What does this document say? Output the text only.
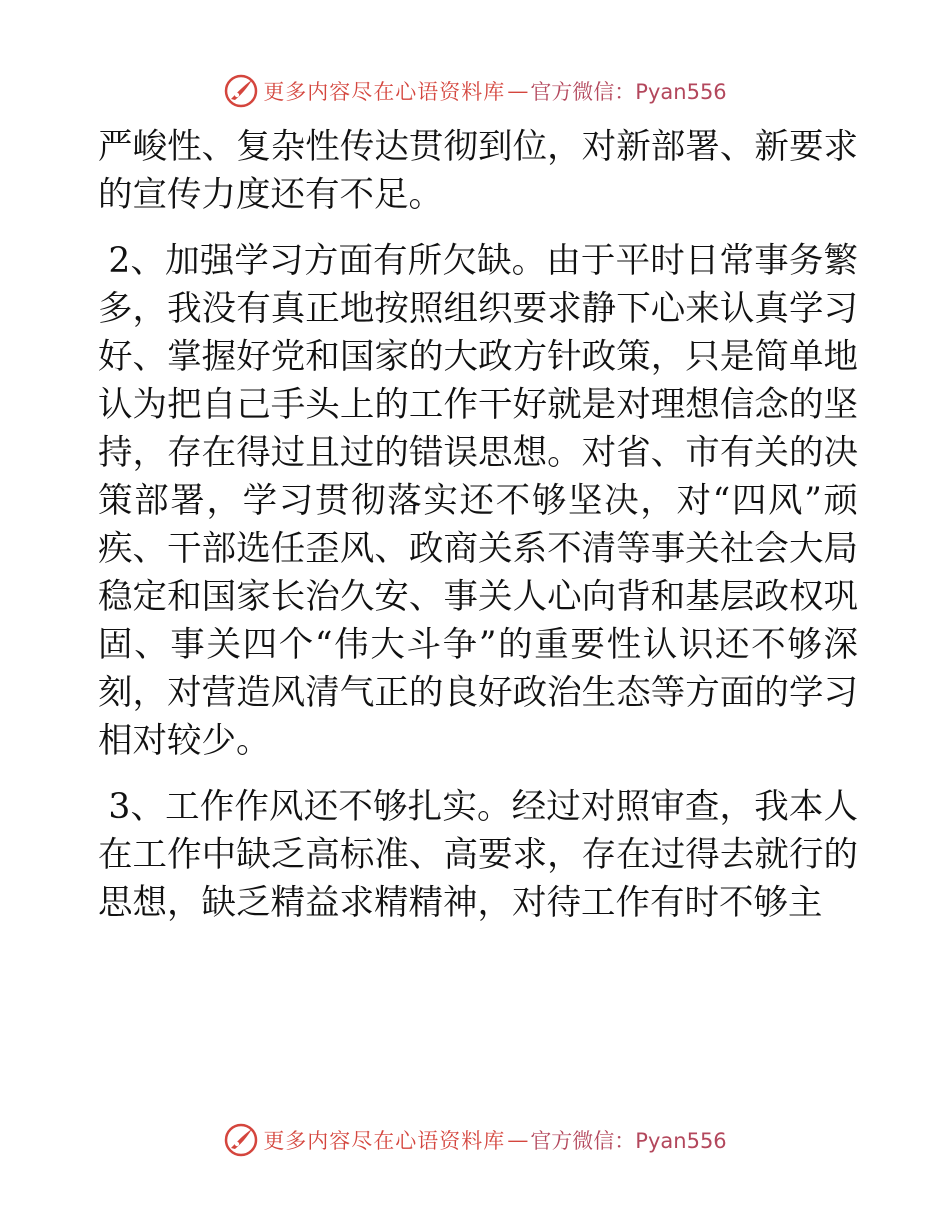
更多内容尽在心语资料库 — 官方微信：Pyan556

严峻性、复杂性传达贯彻到位，对新部署、新要求的宣传力度还有不足。

2、加强学习方面有所欠缺。由于平时日常事务繁多，我没有真正地按照组织要求静下心来认真学习好、掌握好党和国家的大政方针政策，只是简单地认为把自己手头上的工作干好就是对理想信念的坚持，存在得过且过的错误思想。对省、市有关的决策部署，学习贯彻落实还不够坚决，对“四风”顽疾、干部选任歪风、政商关系不清等事关社会大局稳定和国家长治久安、事关人心向背和基层政权巩固、事关四个“伟大斗争”的重要性认识还不够深刻，对营造风清气正的良好政治生态等方面的学习相对较少。

3、工作作风还不够扎实。经过对照审查，我本人在工作中缺乏高标准、高要求，存在过得去就行的思想，缺乏精益求精精神，对待工作有时不够主

更多内容尽在心语资料库 — 官方微信：Pyan556
